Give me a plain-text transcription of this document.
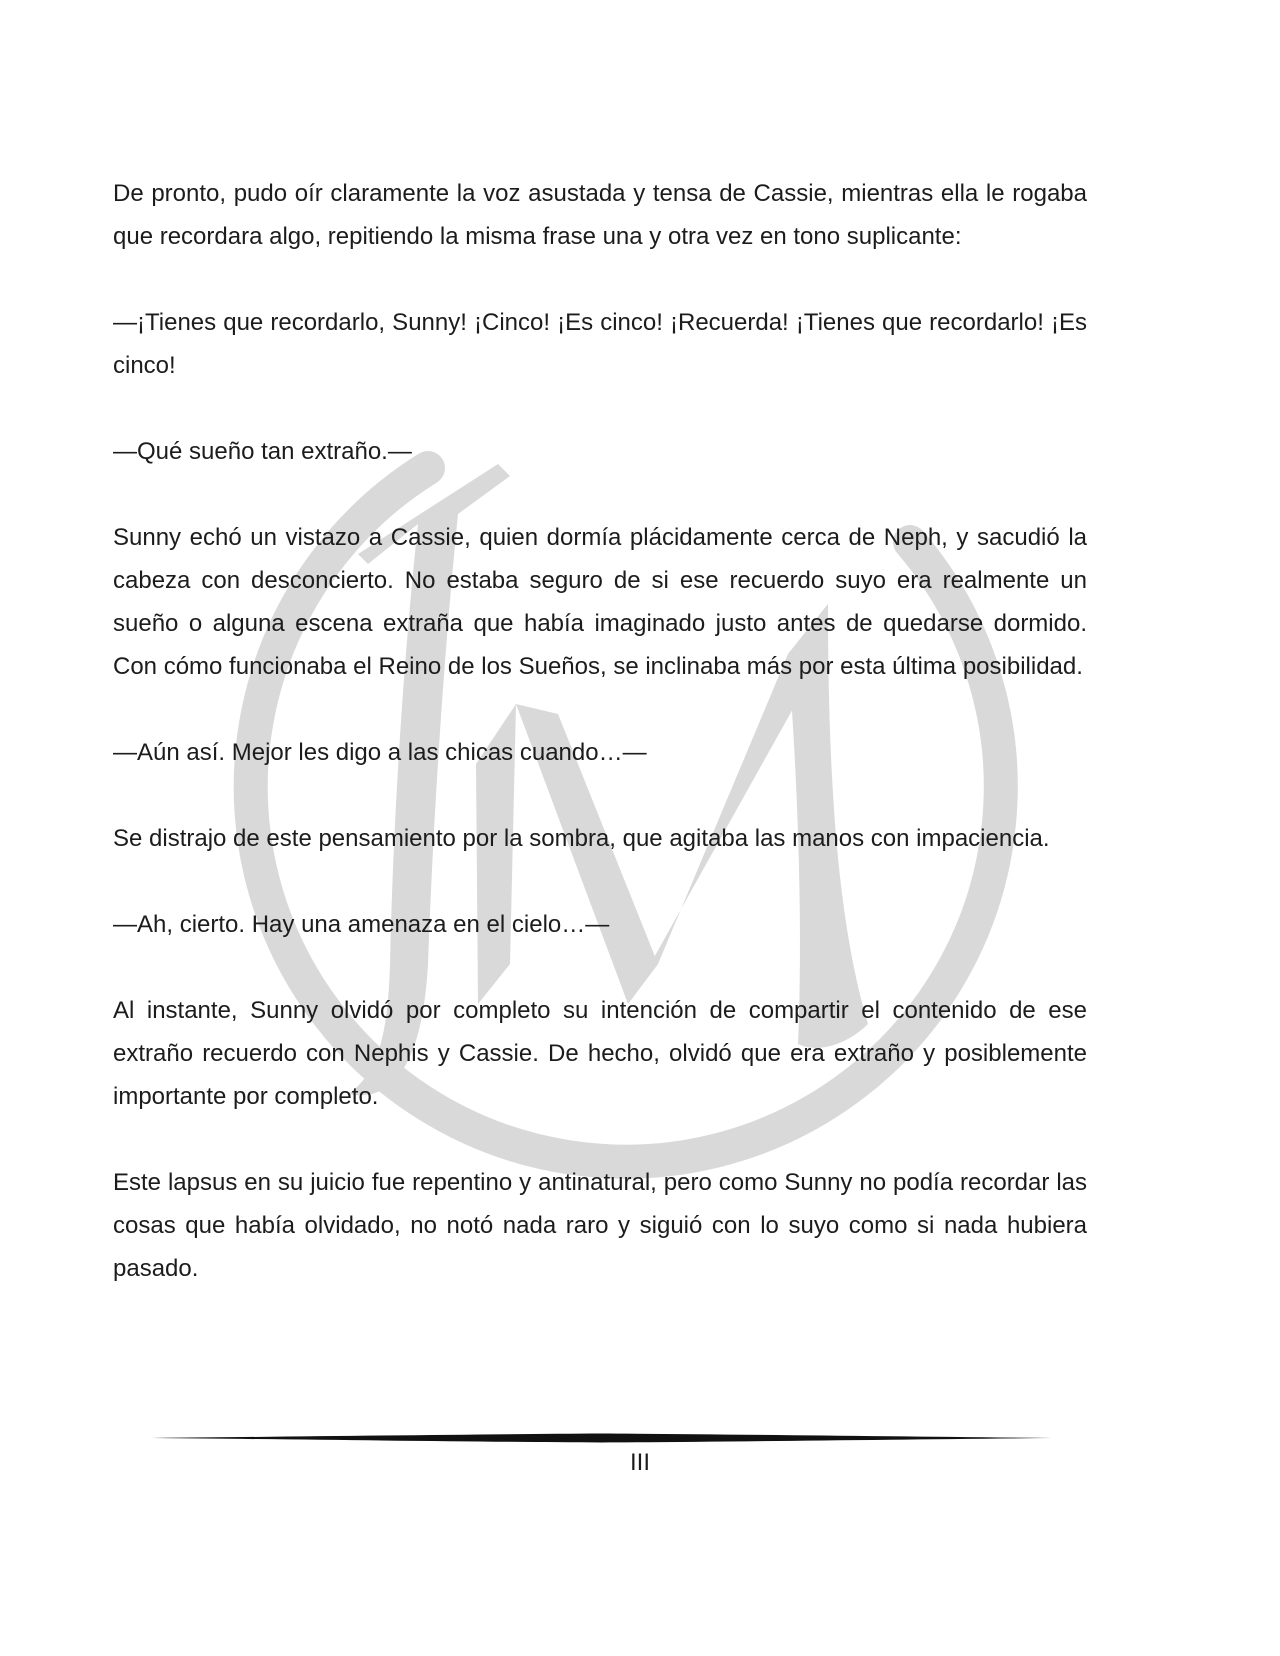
De pronto, pudo oír claramente la voz asustada y tensa de Cassie, mientras ella le rogaba que recordara algo, repitiendo la misma frase una y otra vez en tono suplicante:

—¡Tienes que recordarlo, Sunny! ¡Cinco! ¡Es cinco! ¡Recuerda! ¡Tienes que recordarlo! ¡Es cinco!

—Qué sueño tan extraño.—

Sunny echó un vistazo a Cassie, quien dormía plácidamente cerca de Neph, y sacudió la cabeza con desconcierto. No estaba seguro de si ese recuerdo suyo era realmente un sueño o alguna escena extraña que había imaginado justo antes de quedarse dormido. Con cómo funcionaba el Reino de los Sueños, se inclinaba más por esta última posibilidad.

—Aún así. Mejor les digo a las chicas cuando…—

Se distrajo de este pensamiento por la sombra, que agitaba las manos con impaciencia.

—Ah, cierto. Hay una amenaza en el cielo…—

Al instante, Sunny olvidó por completo su intención de compartir el contenido de ese extraño recuerdo con Nephis y Cassie. De hecho, olvidó que era extraño y posiblemente importante por completo.

Este lapsus en su juicio fue repentino y antinatural, pero como Sunny no podía recordar las cosas que había olvidado, no notó nada raro y siguió con lo suyo como si nada hubiera pasado.

III
